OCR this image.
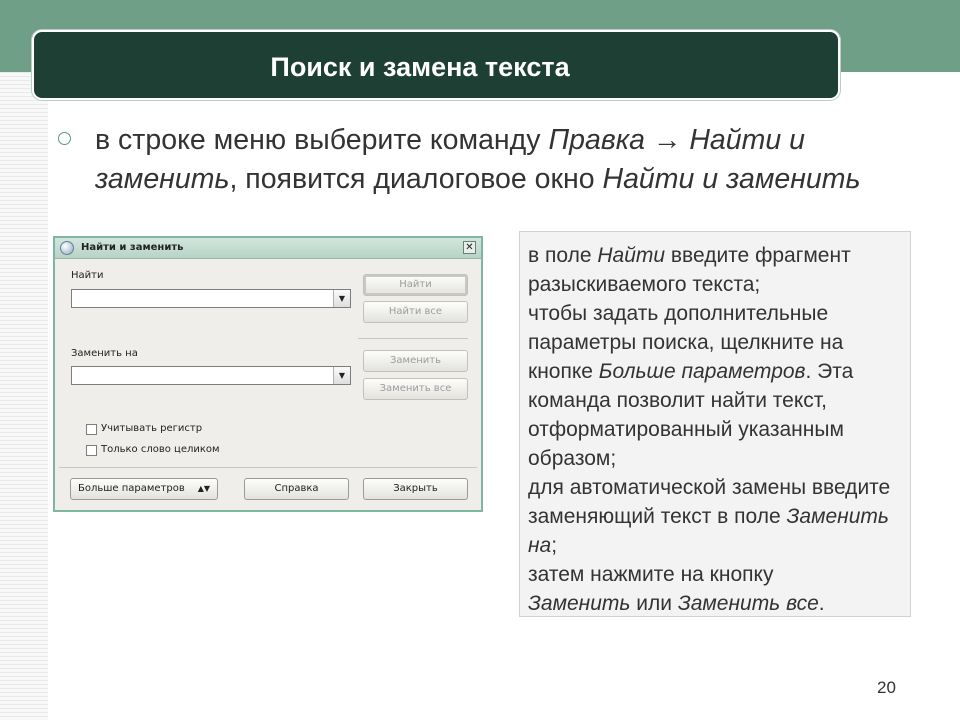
Поиск и замена текста
в строке меню выберите команду Правка → Найти и заменить, появится диалоговое окно Найти и заменить
Найти и заменить	✕
Найти
▼
Найти
Найти все
Заменить на
▼
Заменить
Заменить все
Учитывать регистр
Только слово целиком
Больше параметров ▲▼	Справка	Закрыть
в поле Найти введите фрагмент разыскиваемого текста;
чтобы задать дополнительные параметры поиска, щелкните на кнопке Больше параметров. Эта команда позволит найти текст, отформатированный указанным образом;
для автоматической замены введите заменяющий текст в поле Заменить на;
затем нажмите на кнопку
Заменить или Заменить все.
20
